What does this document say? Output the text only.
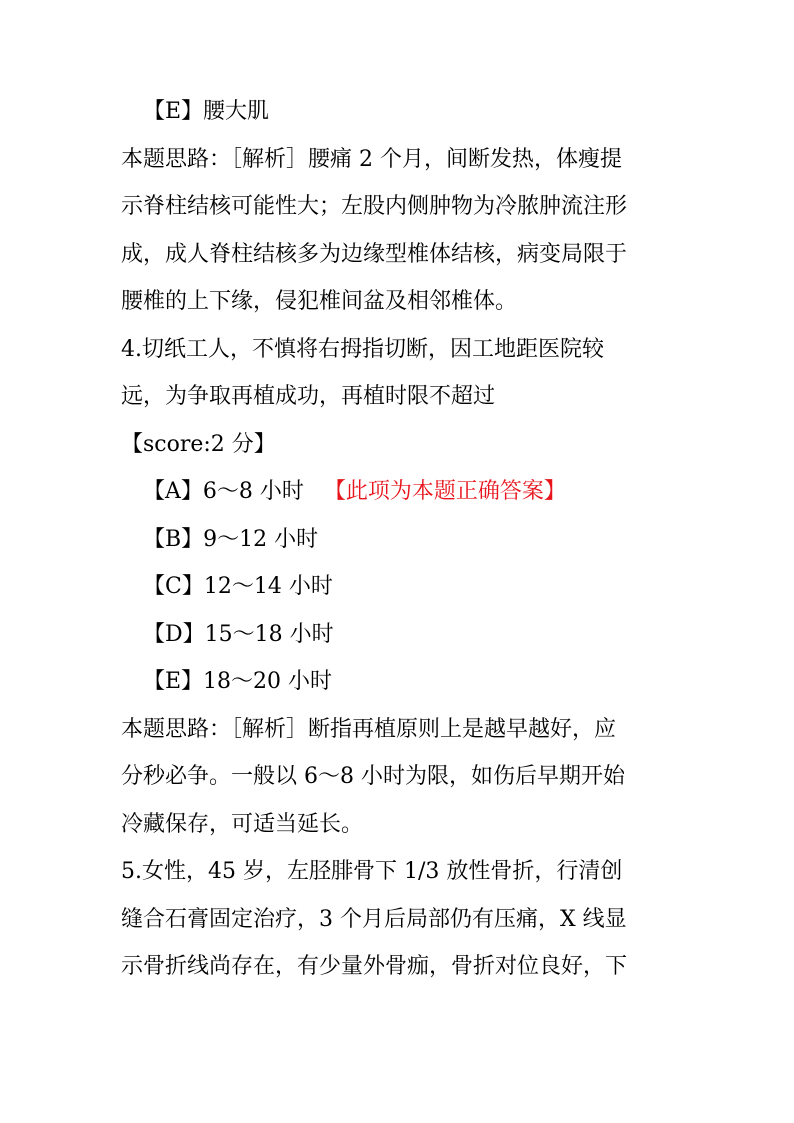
【E】腰大肌
本题思路：［解析］腰痛 2 个月，间断发热，体瘦提
示脊柱结核可能性大；左股内侧肿物为冷脓肿流注形
成，成人脊柱结核多为边缘型椎体结核，病变局限于
腰椎的上下缘，侵犯椎间盆及相邻椎体。
4.切纸工人，不慎将右拇指切断，因工地距医院较
远，为争取再植成功，再植时限不超过
【score:2 分】
【A】6～8 小时 【此项为本题正确答案】
【B】9～12 小时
【C】12～14 小时
【D】15～18 小时
【E】18～20 小时
本题思路：［解析］断指再植原则上是越早越好，应
分秒必争。一般以 6～8 小时为限，如伤后早期开始
冷藏保存，可适当延长。
5.女性，45 岁，左胫腓骨下 1/3 放性骨折，行清创
缝合石膏固定治疗，3 个月后局部仍有压痛，X 线显
示骨折线尚存在，有少量外骨痂，骨折对位良好，下
